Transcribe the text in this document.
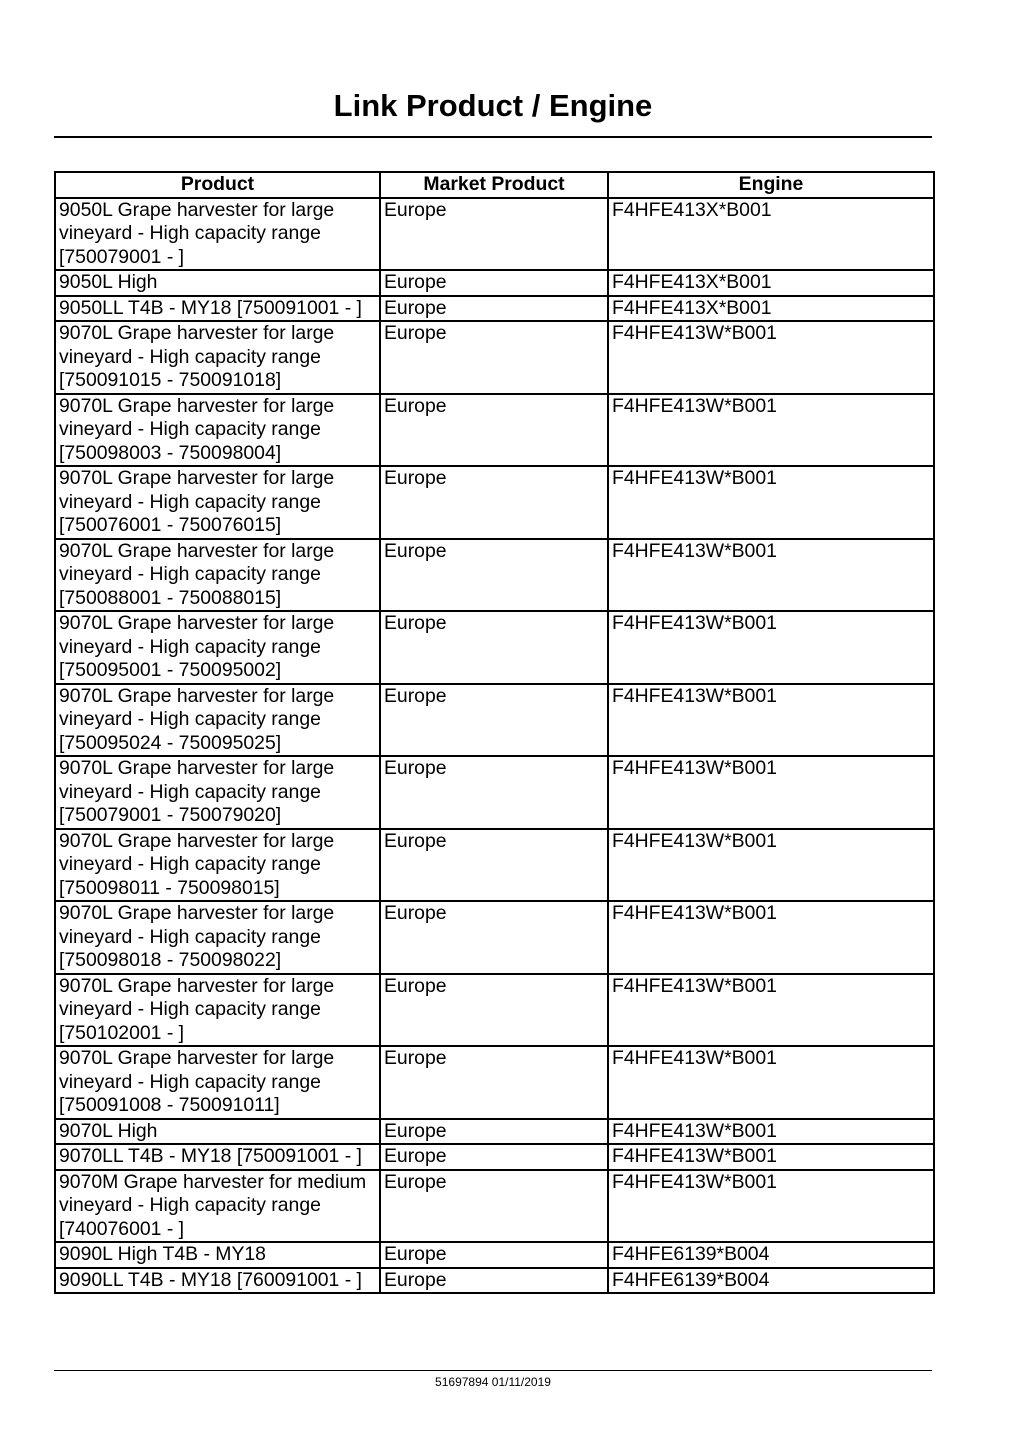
Link Product / Engine
Product	Market Product	Engine
9050L Grape harvester for large vineyard - High capacity range [750079001 - ]	Europe	F4HFE413X*B001
9050L High	Europe	F4HFE413X*B001
9050LL T4B - MY18 [750091001 - ]	Europe	F4HFE413X*B001
9070L Grape harvester for large vineyard - High capacity range [750091015 - 750091018]	Europe	F4HFE413W*B001
9070L Grape harvester for large vineyard - High capacity range [750098003 - 750098004]	Europe	F4HFE413W*B001
9070L Grape harvester for large vineyard - High capacity range [750076001 - 750076015]	Europe	F4HFE413W*B001
9070L Grape harvester for large vineyard - High capacity range [750088001 - 750088015]	Europe	F4HFE413W*B001
9070L Grape harvester for large vineyard - High capacity range [750095001 - 750095002]	Europe	F4HFE413W*B001
9070L Grape harvester for large vineyard - High capacity range [750095024 - 750095025]	Europe	F4HFE413W*B001
9070L Grape harvester for large vineyard - High capacity range [750079001 - 750079020]	Europe	F4HFE413W*B001
9070L Grape harvester for large vineyard - High capacity range [750098011 - 750098015]	Europe	F4HFE413W*B001
9070L Grape harvester for large vineyard - High capacity range [750098018 - 750098022]	Europe	F4HFE413W*B001
9070L Grape harvester for large vineyard - High capacity range [750102001 - ]	Europe	F4HFE413W*B001
9070L Grape harvester for large vineyard - High capacity range [750091008 - 750091011]	Europe	F4HFE413W*B001
9070L High	Europe	F4HFE413W*B001
9070LL T4B - MY18 [750091001 - ]	Europe	F4HFE413W*B001
9070M Grape harvester for medium vineyard - High capacity range [740076001 - ]	Europe	F4HFE413W*B001
9090L High T4B - MY18	Europe	F4HFE6139*B004
9090LL T4B - MY18 [760091001 - ]	Europe	F4HFE6139*B004
51697894 01/11/2019
